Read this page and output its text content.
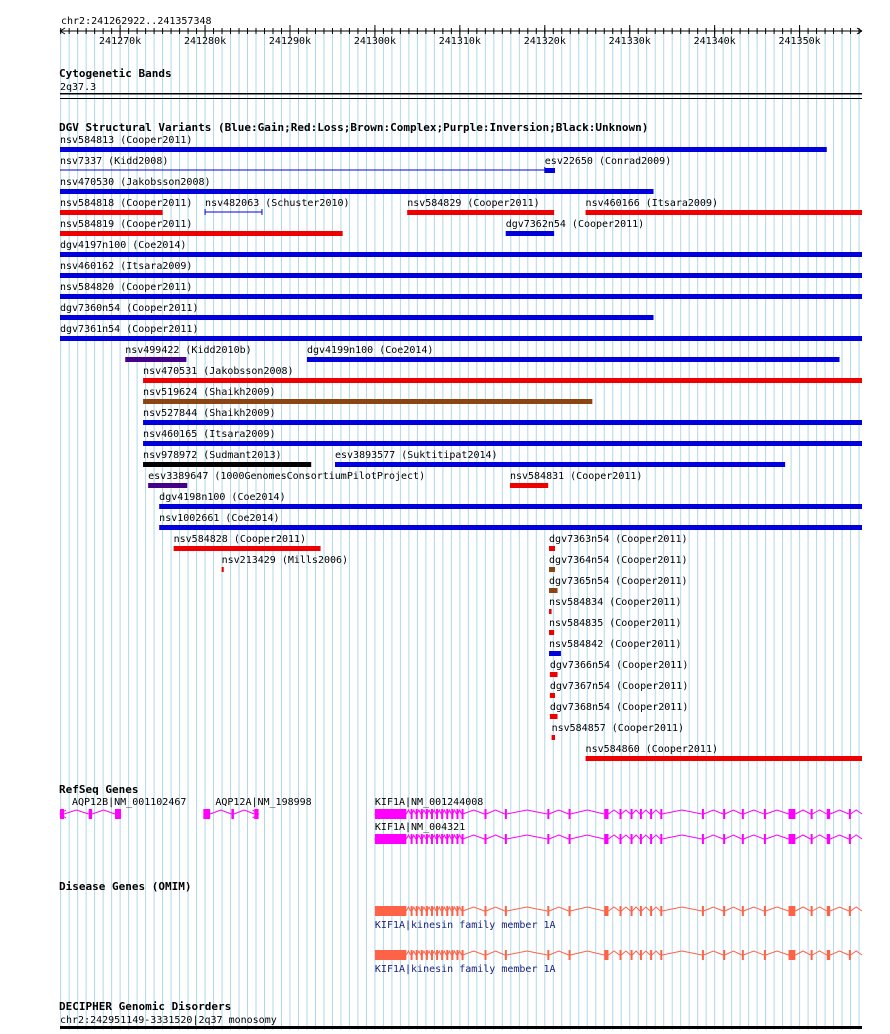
chr2:241262922..241357348
241270k	241280k	241290k	241300k	241310k	241320k	241330k	241340k	241350k
Cytogenetic Bands
2q37.3
DGV Structural Variants (Blue:Gain;Red:Loss;Brown:Complex;Purple:Inversion;Black:Unknown)
nsv584813 (Cooper2011)
nsv7337 (Kidd2008)	esv22650 (Conrad2009)
nsv470530 (Jakobsson2008)
nsv584818 (Cooper2011) nsv482063 (Schuster2010)	nsv584829 (Cooper2011)	nsv460166 (Itsara2009)
nsv584819 (Cooper2011)	dgv7362n54 (Cooper2011)
dgv4197n100 (Coe2014)
nsv460162 (Itsara2009)
nsv584820 (Cooper2011)
dgv7360n54 (Cooper2011)
dgv7361n54 (Cooper2011)
nsv499422 (Kidd2010b)	dgv4199n100 (Coe2014)
nsv470531 (Jakobsson2008)
nsv519624 (Shaikh2009)
nsv527844 (Shaikh2009)
nsv460165 (Itsara2009)
nsv978972 (Sudmant2013)	esv3893577 (Suktitipat2014)
esv3389647 (1000GenomesConsortiumPilotProject)	nsv584831 (Cooper2011)
dgv4198n100 (Coe2014)
nsv1002661 (Coe2014)
nsv584828 (Cooper2011)	dgv7363n54 (Cooper2011)
nsv213429 (Mills2006)	dgv7364n54 (Cooper2011)
dgv7365n54 (Cooper2011)
nsv584834 (Cooper2011)
nsv584835 (Cooper2011)
nsv584842 (Cooper2011)
dgv7366n54 (Cooper2011)
dgv7367n54 (Cooper2011)
dgv7368n54 (Cooper2011)
nsv584857 (Cooper2011)
nsv584860 (Cooper2011)
RefSeq Genes
AQP12B|NM_001102467	AQP12A|NM_198998	KIF1A|NM_001244008
KIF1A|NM_004321
Disease Genes (OMIM)
KIF1A|kinesin family member 1A
KIF1A|kinesin family member 1A
DECIPHER Genomic Disorders
chr2:242951149-3331520|2q37 monosomy
